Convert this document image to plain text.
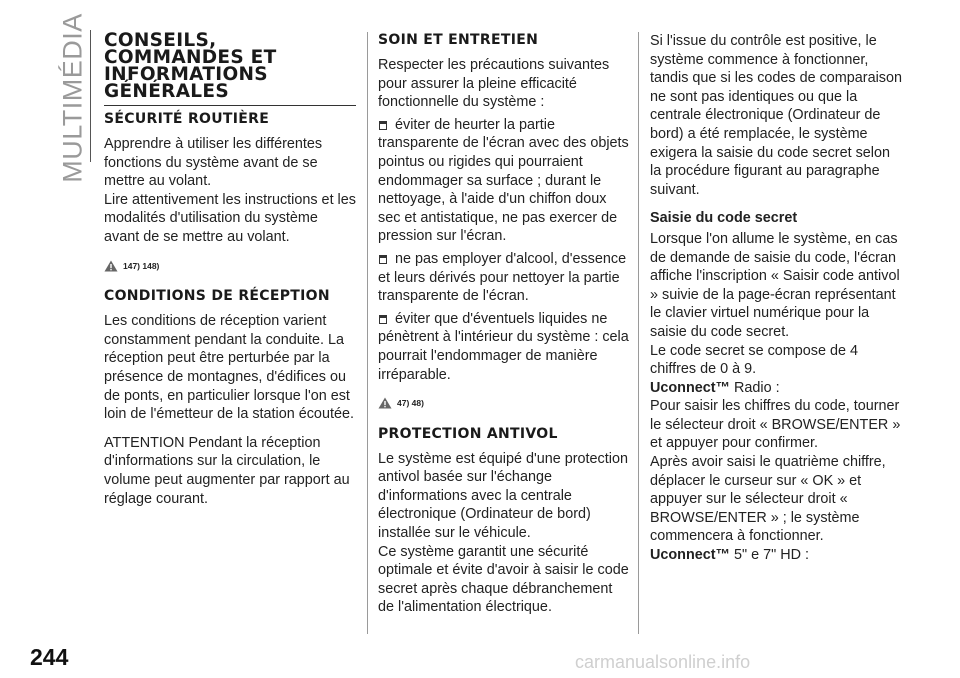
MULTIMÉDIA CONSEILS, COMMANDES ET INFORMATIONS GÉNÉRALES
SÉCURITÉ ROUTIÈRE

Apprendre à utiliser les différentes fonctions du système avant de se mettre au volant.

Lire attentivement les instructions et les modalités d'utilisation du système avant de se mettre au volant.

147) 148)
CONDITIONS DE RÉCEPTION

Les conditions de réception varient constamment pendant la conduite. La réception peut être perturbée par la présence de montagnes, d'édifices ou de ponts, en particulier lorsque l'on est loin de l'émetteur de la station écoutée.

ATTENTION Pendant la réception d'informations sur la circulation, le volume peut augmenter par rapport au réglage courant.

SOIN ET ENTRETIEN

Respecter les précautions suivantes pour assurer la pleine efficacité fonctionnelle du système :

éviter de heurter la partie transparente de l'écran avec des objets pointus ou rigides qui pourraient endommager sa surface ; durant le nettoyage, à l'aide d'un chiffon doux sec et antistatique, ne pas exercer de pression sur l'écran.

ne pas employer d'alcool, d'essence et leurs dérivés pour nettoyer la partie transparente de l'écran.

éviter que d'éventuels liquides ne pénètrent à l'intérieur du système : cela pourrait l'endommager de manière irréparable.

47) 48)
PROTECTION ANTIVOL

Le système est équipé d'une protection antivol basée sur l'échange d'informations avec la centrale électronique (Ordinateur de bord) installée sur le véhicule.

Ce système garantit une sécurité optimale et évite d'avoir à saisir le code secret après chaque débranchement de l'alimentation électrique.

Si l'issue du contrôle est positive, le système commence à fonctionner, tandis que si les codes de comparaison ne sont pas identiques ou que la centrale électronique (Ordinateur de bord) a été remplacée, le système exigera la saisie du code secret selon la procédure figurant au paragraphe suivant.

Saisie du code secret

Lorsque l'on allume le système, en cas de demande de saisie du code, l'écran affiche l'inscription « Saisir code antivol » suivie de la page-écran représentant le clavier virtuel numérique pour la saisie du code secret.

Le code secret se compose de 4 chiffres de 0 à 9.

Uconnect™ Radio :

Pour saisir les chiffres du code, tourner le sélecteur droit « BROWSE/ENTER » et appuyer pour confirmer.

Après avoir saisi le quatrième chiffre, déplacer le curseur sur « OK » et appuyer sur le sélecteur droit « BROWSE/ENTER » ; le système commencera à fonctionner.

Uconnect™ 5" e 7" HD :

244	carmanualsonline.info
